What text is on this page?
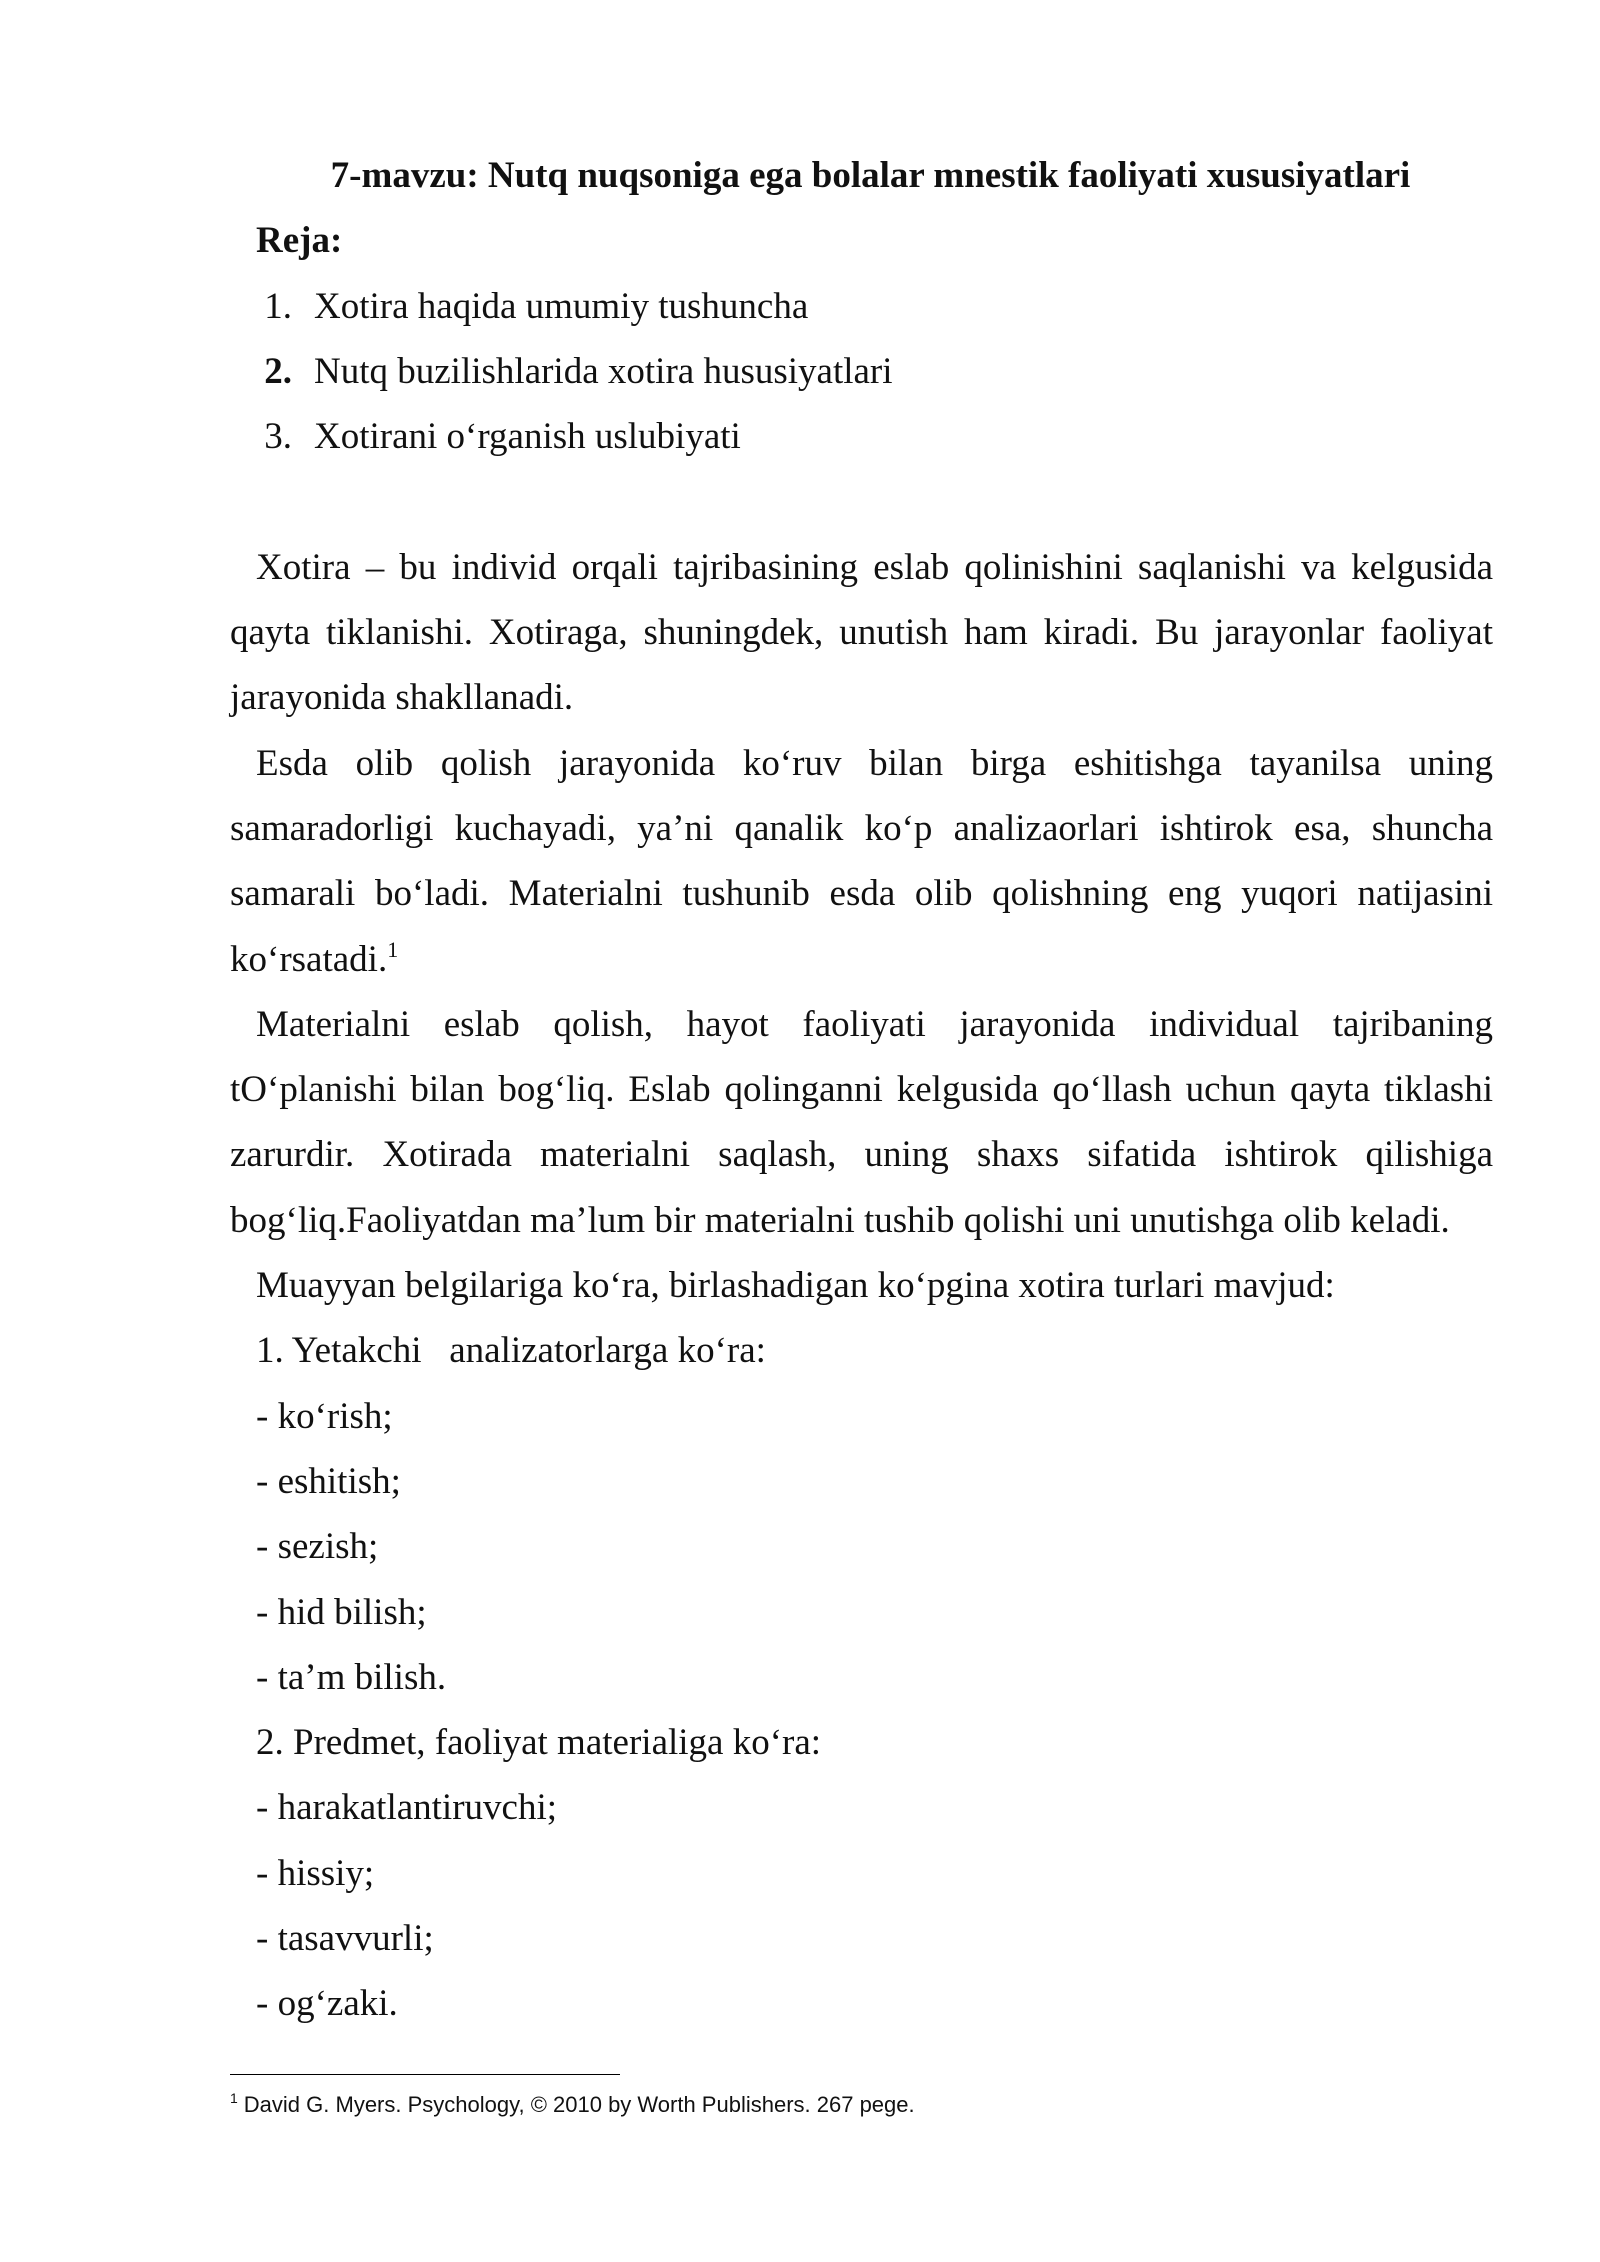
7-mavzu: Nutq nuqsoniga ega bolalar mnestik faoliyati xususiyatlari
Reja:
1. Xotira haqida umumiy tushuncha
2. Nutq buzilishlarida xotira hususiyatlari
3. Xotirani o‘rganish uslubiyati
Xotira – bu individ orqali tajribasining eslab qolinishini saqlanishi va kelgusida
qayta tiklanishi. Xotiraga, shuningdek, unutish ham kiradi. Bu jarayonlar faoliyat
jarayonida shakllanadi.
Esda olib qolish jarayonida ko‘ruv bilan birga eshitishga tayanilsa uning
samaradorligi kuchayadi, ya’ni qanalik ko‘p analizaorlari ishtirok esa, shuncha
samarali bo‘ladi. Materialni tushunib esda olib qolishning eng yuqori natijasini
ko‘rsatadi.$^1$
Materialni eslab qolish, hayot faoliyati jarayonida individual tajribaning
tO‘planishi bilan bog‘liq. Eslab qolinganni kelgusida qo‘llash uchun qayta tiklashi
zarurdir. Xotirada materialni saqlash, uning shaxs sifatida ishtirok qilishiga
bog‘liq.Faoliyatdan ma’lum bir materialni tushib qolishi uni unutishga olib keladi.
Muayyan belgilariga ko‘ra, birlashadigan ko‘pgina xotira turlari mavjud:
1. Yetakchi   analizatorlarga ko‘ra:
- ko‘rish;
- eshitish;
- sezish;
- hid bilish;
- ta’m bilish.
2. Predmet, faoliyat materialiga ko‘ra:
- harakatlantiruvchi;
- hissiy;
- tasavvurli;
- og‘zaki.
$^1$ David G. Myers. Psychology, © 2010 by Worth Publishers. 267 pege.
